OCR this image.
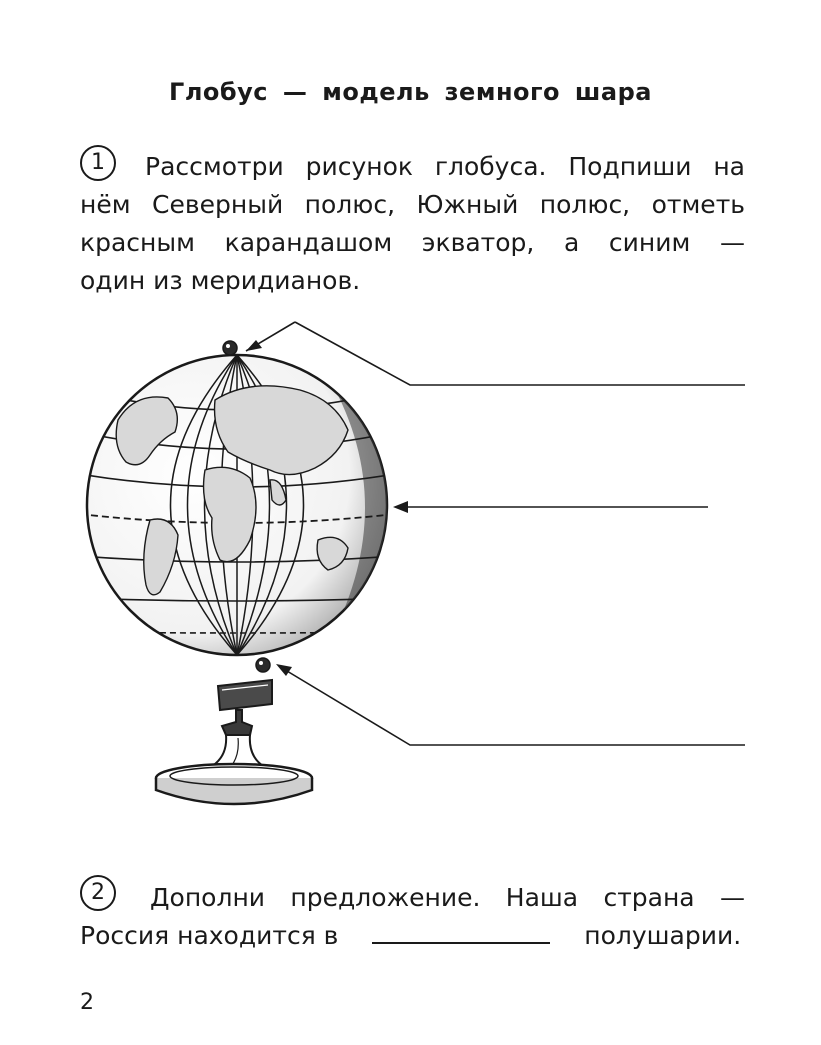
Глобус — модель земного шара
1	Рассмотри рисунок глобуса. Подпиши на
нём Северный полюс, Южный полюс, отметь
красным карандашом экватор, а синим —
один из меридианов.
2	Дополни предложение. Наша страна —
Россия находится в	полушарии.
2
